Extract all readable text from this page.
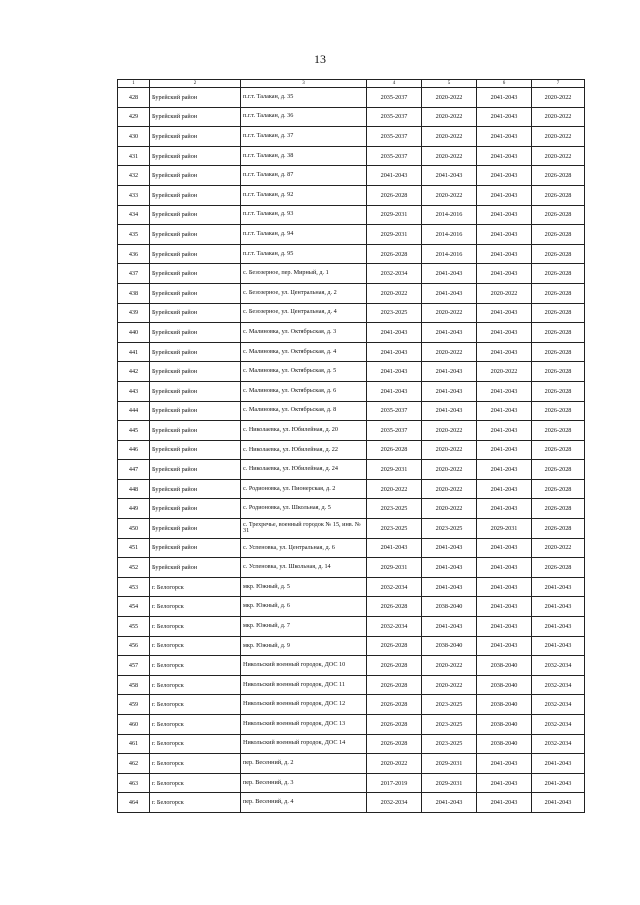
13
1	2	3	4	5	6	7
428	Бурейский район	п.г.т. Талакан, д. 35	2035-2037	2020-2022	2041-2043	2020-2022
429	Бурейский район	п.г.т. Талакан, д. 36	2035-2037	2020-2022	2041-2043	2020-2022
430	Бурейский район	п.г.т. Талакан, д. 37	2035-2037	2020-2022	2041-2043	2020-2022
431	Бурейский район	п.г.т. Талакан, д. 38	2035-2037	2020-2022	2041-2043	2020-2022
432	Бурейский район	п.г.т. Талакан, д. 87	2041-2043	2041-2043	2041-2043	2026-2028
433	Бурейский район	п.г.т. Талакан, д. 92	2026-2028	2020-2022	2041-2043	2026-2028
434	Бурейский район	п.г.т. Талакан, д. 93	2029-2031	2014-2016	2041-2043	2026-2028
435	Бурейский район	п.г.т. Талакан, д. 94	2029-2031	2014-2016	2041-2043	2026-2028
436	Бурейский район	п.г.т. Талакан, д. 95	2026-2028	2014-2016	2041-2043	2026-2028
437	Бурейский район	с. Безозерное, пер. Мирный, д. 1	2032-2034	2041-2043	2041-2043	2026-2028
438	Бурейский район	с. Безозерное, ул. Центральная, д. 2	2020-2022	2041-2043	2020-2022	2026-2028
439	Бурейский район	с. Безозерное, ул. Центральная, д. 4	2023-2025	2020-2022	2041-2043	2026-2028
440	Бурейский район	с. Малиновка, ул. Октябрьская, д. 3	2041-2043	2041-2043	2041-2043	2026-2028
441	Бурейский район	с. Малиновка, ул. Октябрьская, д. 4	2041-2043	2020-2022	2041-2043	2026-2028
442	Бурейский район	с. Малиновка, ул. Октябрьская, д. 5	2041-2043	2041-2043	2020-2022	2026-2028
443	Бурейский район	с. Малиновка, ул. Октябрьская, д. 6	2041-2043	2041-2043	2041-2043	2026-2028
444	Бурейский район	с. Малиновка, ул. Октябрьская, д. 8	2035-2037	2041-2043	2041-2043	2026-2028
445	Бурейский район	с. Николаевка, ул. Юбилейная, д. 20	2035-2037	2020-2022	2041-2043	2026-2028
446	Бурейский район	с. Николаевка, ул. Юбилейная, д. 22	2026-2028	2020-2022	2041-2043	2026-2028
447	Бурейский район	с. Николаевка, ул. Юбилейная, д. 24	2029-2031	2020-2022	2041-2043	2026-2028
448	Бурейский район	с. Родионовка, ул. Пионерская, д. 2	2020-2022	2020-2022	2041-2043	2026-2028
449	Бурейский район	с. Родионовка, ул. Школьная, д. 5	2023-2025	2020-2022	2041-2043	2026-2028
450	Бурейский район	с. Трехречье, военный городок № 15, инв. № 31	2023-2025	2023-2025	2029-2031	2026-2028
451	Бурейский район	с. Успеновка, ул. Центральная, д. 6	2041-2043	2041-2043	2041-2043	2020-2022
452	Бурейский район	с. Успеновка, ул. Школьная, д. 14	2029-2031	2041-2043	2041-2043	2026-2028
453	г. Белогорск	мкр. Южный, д. 5	2032-2034	2041-2043	2041-2043	2041-2043
454	г. Белогорск	мкр. Южный, д. 6	2026-2028	2038-2040	2041-2043	2041-2043
455	г. Белогорск	мкр. Южный, д. 7	2032-2034	2041-2043	2041-2043	2041-2043
456	г. Белогорск	мкр. Южный, д. 9	2026-2028	2038-2040	2041-2043	2041-2043
457	г. Белогорск	Никольский военный городок, ДОС 10	2026-2028	2020-2022	2038-2040	2032-2034
458	г. Белогорск	Никольский военный городок, ДОС 11	2026-2028	2020-2022	2038-2040	2032-2034
459	г. Белогорск	Никольский военный городок, ДОС 12	2026-2028	2023-2025	2038-2040	2032-2034
460	г. Белогорск	Никольский военный городок, ДОС 13	2026-2028	2023-2025	2038-2040	2032-2034
461	г. Белогорск	Никольский военный городок, ДОС 14	2026-2028	2023-2025	2038-2040	2032-2034
462	г. Белогорск	пер. Весенний, д. 2	2020-2022	2029-2031	2041-2043	2041-2043
463	г. Белогорск	пер. Весенний, д. 3	2017-2019	2029-2031	2041-2043	2041-2043
464	г. Белогорск	пер. Весенний, д. 4	2032-2034	2041-2043	2041-2043	2041-2043
